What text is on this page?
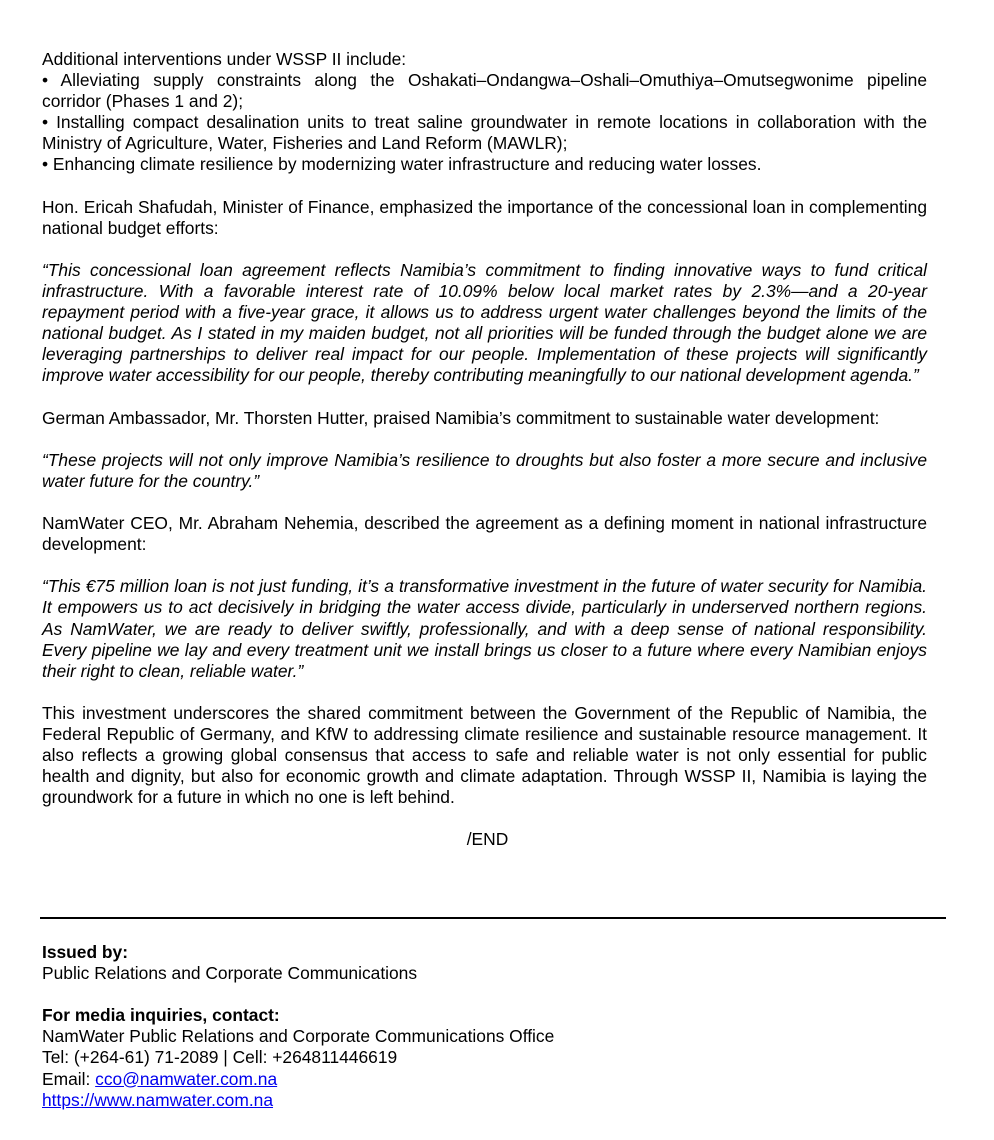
Additional interventions under WSSP II include:
• Alleviating supply constraints along the Oshakati–Ondangwa–Oshali–Omuthiya–Omutsegwonime pipeline corridor (Phases 1 and 2);
• Installing compact desalination units to treat saline groundwater in remote locations in collaboration with the Ministry of Agriculture, Water, Fisheries and Land Reform (MAWLR);
• Enhancing climate resilience by modernizing water infrastructure and reducing water losses.

Hon. Ericah Shafudah, Minister of Finance, emphasized the importance of the concessional loan in complementing national budget efforts:

“This concessional loan agreement reflects Namibia’s commitment to finding innovative ways to fund critical infrastructure. With a favorable interest rate of 10.09% below local market rates by 2.3%—and a 20-year repayment period with a five-year grace, it allows us to address urgent water challenges beyond the limits of the national budget. As I stated in my maiden budget, not all priorities will be funded through the budget alone we are leveraging partnerships to deliver real impact for our people. Implementation of these projects will significantly improve water accessibility for our people, thereby contributing meaningfully to our national development agenda.”

German Ambassador, Mr. Thorsten Hutter, praised Namibia’s commitment to sustainable water development:

“These projects will not only improve Namibia’s resilience to droughts but also foster a more secure and inclusive water future for the country.”

NamWater CEO, Mr. Abraham Nehemia, described the agreement as a defining moment in national infrastructure development:

“This €75 million loan is not just funding, it’s a transformative investment in the future of water security for Namibia. It empowers us to act decisively in bridging the water access divide, particularly in underserved northern regions. As NamWater, we are ready to deliver swiftly, professionally, and with a deep sense of national responsibility. Every pipeline we lay and every treatment unit we install brings us closer to a future where every Namibian enjoys their right to clean, reliable water.”

This investment underscores the shared commitment between the Government of the Republic of Namibia, the Federal Republic of Germany, and KfW to addressing climate resilience and sustainable resource management. It also reflects a growing global consensus that access to safe and reliable water is not only essential for public health and dignity, but also for economic growth and climate adaptation. Through WSSP II, Namibia is laying the groundwork for a future in which no one is left behind.

/END

Issued by:
Public Relations and Corporate Communications
For media inquiries, contact:
NamWater Public Relations and Corporate Communications Office
Tel: (+264-61) 71-2089 | Cell: +264811446619
Email: cco@namwater.com.na
https://www.namwater.com.na
